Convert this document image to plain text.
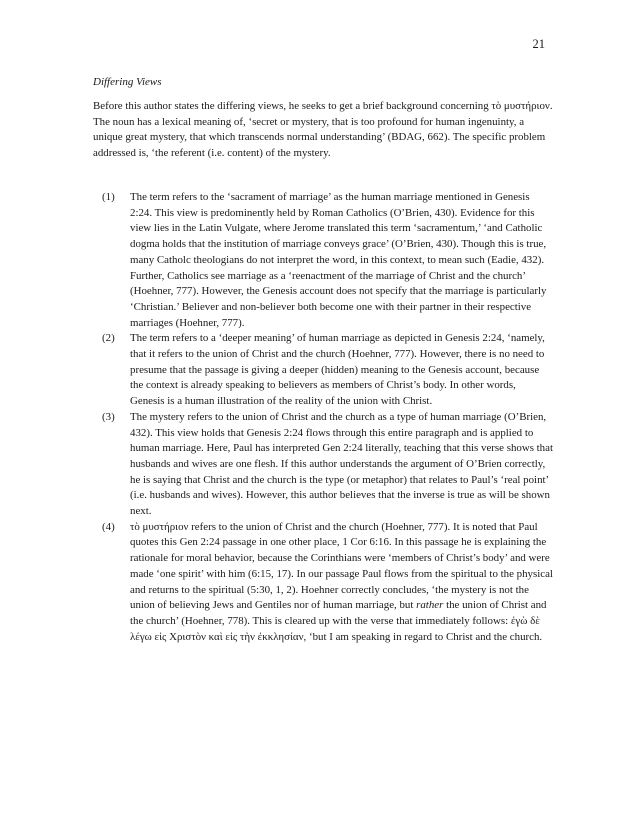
21
Differing Views

Before this author states the differing views, he seeks to get a brief background concerning τὸ μυστήριον. The noun has a lexical meaning of, ‘secret or mystery, that is too profound for human ingenuinty, a unique great mystery, that which transcends normal understanding’ (BDAG, 662). The specific problem addressed is, ‘the referent (i.e. content) of the mystery.

(1) The term refers to the ‘sacrament of marriage’ as the human marriage mentioned in Genesis 2:24. This view is predominently held by Roman Catholics (O’Brien, 430). Evidence for this view lies in the Latin Vulgate, where Jerome translated this term ‘sacramentum,’ ‘and Catholic dogma holds that the institution of marriage conveys grace’ (O’Brien, 430). Though this is true, many Catholc theologians do not interpret the word, in this context, to mean such (Eadie, 432). Further, Catholics see marriage as a ‘reenactment of the marriage of Christ and the church’ (Hoehner, 777). However, the Genesis account does not specify that the marriage is particularly ‘Christian.’ Believer and non-believer both become one with their partner in their respective marriages (Hoehner, 777).
(2) The term refers to a ‘deeper meaning’ of human marriage as depicted in Genesis 2:24, ‘namely, that it refers to the union of Christ and the church (Hoehner, 777). However, there is no need to presume that the passage is giving a deeper (hidden) meaning to the Genesis account, because the context is already speaking to believers as members of Christ’s body. In other words, Genesis is a human illustration of the reality of the union with Christ.
(3) The mystery refers to the union of Christ and the church as a type of human marriage (O’Brien, 432). This view holds that Genesis 2:24 flows through this entire paragraph and is applied to human marriage. Here, Paul has interpreted Gen 2:24 literally, teaching that this verse shows that husbands and wives are one flesh. If this author understands the argument of O’Brien correctly, he is saying that Christ and the church is the type (or metaphor) that relates to Paul’s ‘real point’ (i.e. husbands and wives). However, this author believes that the inverse is true as will be shown next.
(4) τὸ μυστήριον refers to the union of Christ and the church (Hoehner, 777). It is noted that Paul quotes this Gen 2:24 passage in one other place, 1 Cor 6:16. In this passage he is explaining the rationale for moral behavior, because the Corinthians were ‘members of Christ’s body’ and were made ‘one spirit’ with him (6:15, 17). In our passage Paul flows from the spiritual to the physical and returns to the spiritual (5:30, 1, 2). Hoehner correctly concludes, ‘the mystery is not the union of believing Jews and Gentiles nor of human marriage, but rather the union of Christ and the church’ (Hoehner, 778). This is cleared up with the verse that immediately follows: ἐγὼ δὲ λέγω εἰς Χριστὸν καὶ εἰς τὴν ἐκκλησίαν, ‘but I am speaking in regard to Christ and the church.
